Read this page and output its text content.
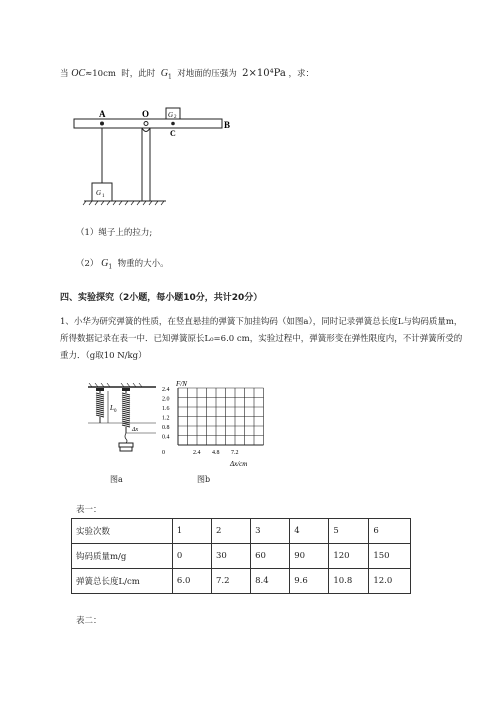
当 OC≈10cm 时，此时 $G_1$ 对地面的压强为 2×10⁴Pa ，求：
A	O
B
G 2
C
G 1
（1）绳子上的拉力;
（2） $G_1$ 物重的大小。
四、实验探究（2小题，每小题10分，共计20分）
1、小华为研究弹簧的性质，在竖直悬挂的弹簧下加挂钩码（如图a），同时记录弹簧总长度L与钩码质量m，所得数据记录在表一中．已知弹簧原长L₀=6.0 cm，实验过程中，弹簧形变在弹性限度内，不计弹簧所受的重力．（g取10 N/kg）
L 0
Δx
图a
F/N
0
Δx/cm
2.4
2.0
1.6
1.2
0.8
0.4
2.4 4.8 7.2
图b
表一：
实验次数	1	2	3	4	5	6
钩码质量m/g	0	30	60	90	120	150
弹簧总长度L/cm	6.0	7.2	8.4	9.6	10.8	12.0
表二：
